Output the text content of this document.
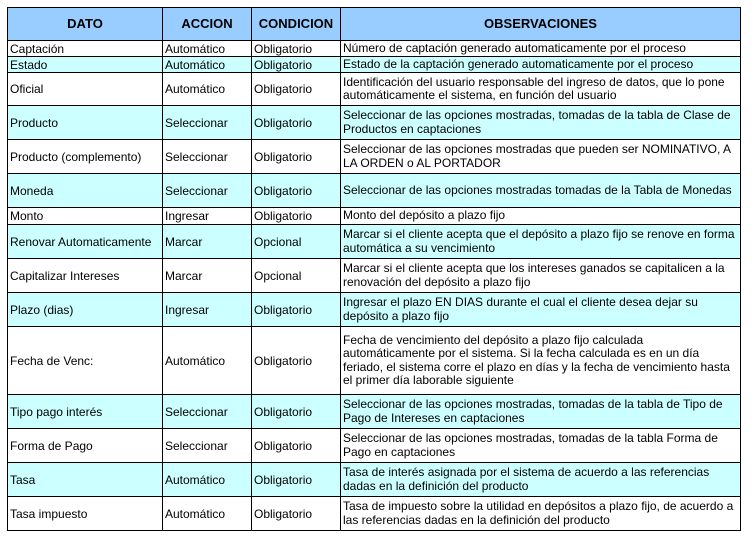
DATO	ACCION	CONDICION	OBSERVACIONES
Captación	Automático	Obligatorio	Número de captación generado automaticamente por el proceso
Estado	Automático	Obligatorio	Estado de la captación generado automaticamente por el proceso
Oficial	Automático	Obligatorio	Identificación del usuario responsable del ingreso de datos, que lo pone automáticamente el sistema, en función del usuario
Producto	Seleccionar	Obligatorio	Seleccionar de las opciones mostradas, tomadas de la tabla de Clase de Productos en captaciones
Producto (complemento)	Seleccionar	Obligatorio	Seleccionar de las opciones mostradas que pueden ser NOMINATIVO, A LA ORDEN o AL PORTADOR
Moneda	Seleccionar	Obligatorio	Seleccionar de las opciones mostradas tomadas de la Tabla de Monedas
Monto	Ingresar	Obligatorio	Monto del depósito a plazo fijo
Renovar Automaticamente	Marcar	Opcional	Marcar si el cliente acepta que el depósito a plazo fijo se renove en forma automática a su vencimiento
Capitalizar Intereses	Marcar	Opcional	Marcar si el cliente acepta que los intereses ganados se capitalicen a la renovación del depósito a plazo fijo
Plazo (dias)	Ingresar	Obligatorio	Ingresar el plazo EN DIAS durante el cual el cliente desea dejar su depósito a plazo fijo
Fecha de Venc:	Automático	Obligatorio	Fecha de vencimiento del depósito a plazo fijo calculada automáticamente por el sistema. Si la fecha calculada es en un día feriado, el sistema corre el plazo en días y la fecha de vencimiento hasta el primer día laborable siguiente
Tipo pago interés	Seleccionar	Obligatorio	Seleccionar de las opciones mostradas, tomadas de la tabla de Tipo de Pago de Intereses en captaciones
Forma de Pago	Seleccionar	Obligatorio	Seleccionar de las opciones mostradas, tomadas de la tabla Forma de Pago en captaciones
Tasa	Automático	Obligatorio	Tasa de interés asignada por el sistema de acuerdo a las referencias dadas en la definición del producto
Tasa impuesto	Automático	Obligatorio	Tasa de impuesto sobre la utilidad en depósitos a plazo fijo, de acuerdo a las referencias dadas en la definición del producto
